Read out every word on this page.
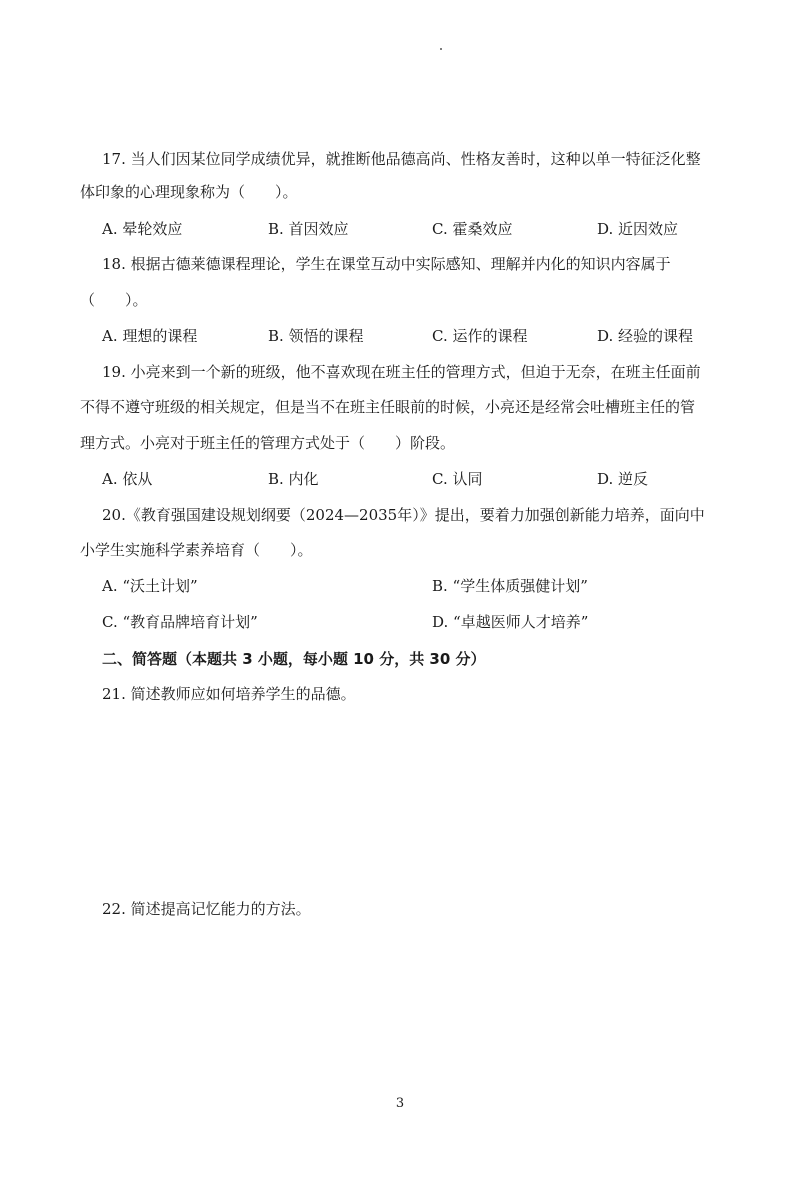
17. 当人们因某位同学成绩优异，就推断他品德高尚、性格友善时，这种以单一特征泛化整
体印象的心理现象称为（　　）。
A. 晕轮效应	B. 首因效应	C. 霍桑效应	D. 近因效应
18. 根据古德莱德课程理论，学生在课堂互动中实际感知、理解并内化的知识内容属于
（　　）。
A. 理想的课程	B. 领悟的课程	C. 运作的课程	D. 经验的课程
19. 小亮来到一个新的班级，他不喜欢现在班主任的管理方式，但迫于无奈，在班主任面前
不得不遵守班级的相关规定，但是当不在班主任眼前的时候，小亮还是经常会吐槽班主任的管
理方式。小亮对于班主任的管理方式处于（　　）阶段。
A. 依从	B. 内化	C. 认同	D. 逆反
20.《教育强国建设规划纲要（2024—2035年）》提出，要着力加强创新能力培养，面向中
小学生实施科学素养培育（　　）。
A. “沃土计划”	B. “学生体质强健计划”
C. “教育品牌培育计划”	D. “卓越医师人才培养”
二、简答题（本题共 3 小题，每小题 10 分，共 30 分）
21. 简述教师应如何培养学生的品德。
22. 简述提高记忆能力的方法。
3
